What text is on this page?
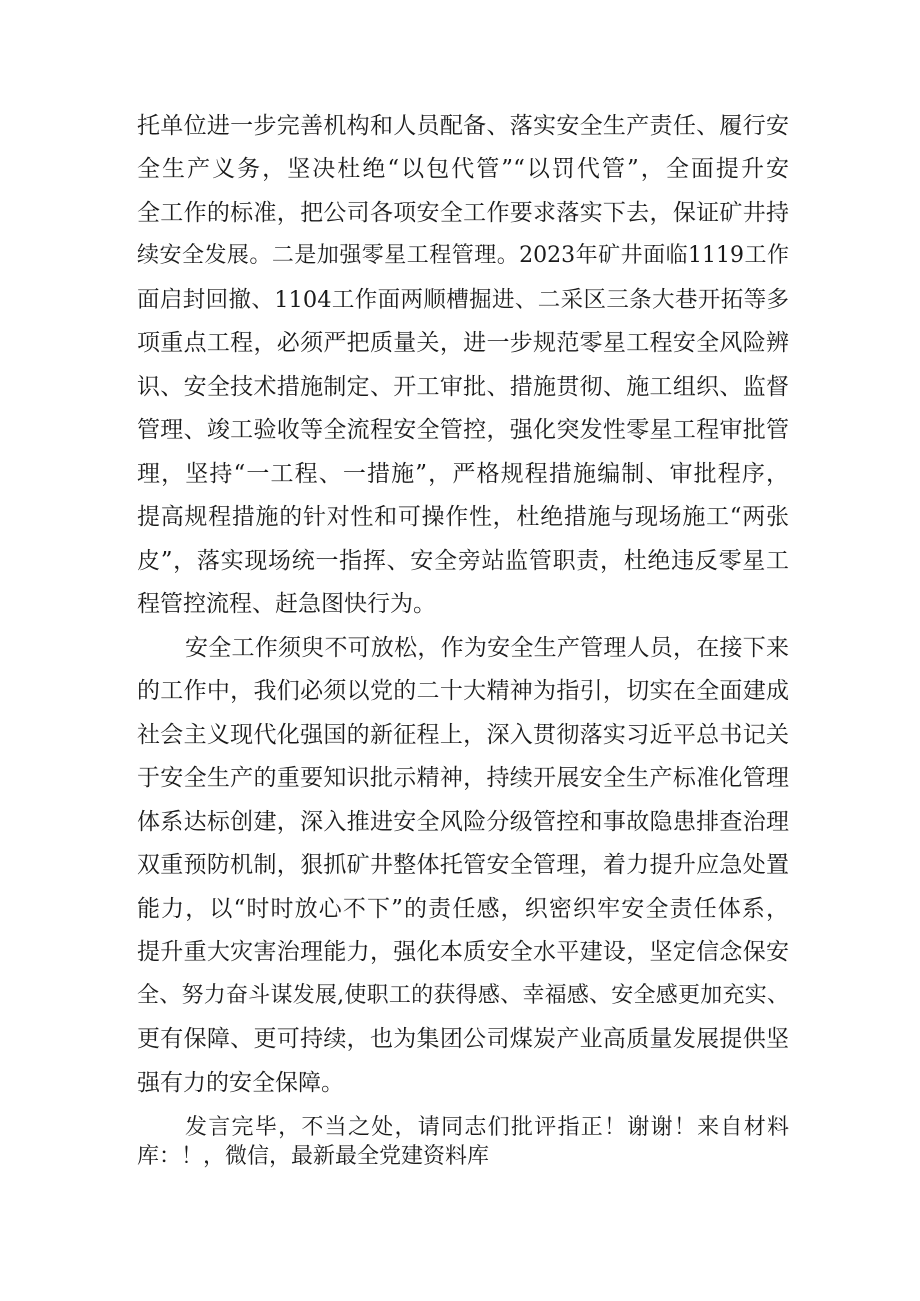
托单位进一步完善机构和人员配备、落实安全生产责任、履行安

全生产义务，坚决杜绝“以包代管”“以罚代管”，全面提升安

全工作的标准，把公司各项安全工作要求落实下去，保证矿井持

续安全发展。二是加强零星工程管理。2023年矿井面临1119工作

面启封回撤、1104工作面两顺槽掘进、二采区三条大巷开拓等多

项重点工程，必须严把质量关，进一步规范零星工程安全风险辨

识、安全技术措施制定、开工审批、措施贯彻、施工组织、监督

管理、竣工验收等全流程安全管控，强化突发性零星工程审批管

理，坚持“一工程、一措施”，严格规程措施编制、审批程序，

提高规程措施的针对性和可操作性，杜绝措施与现场施工“两张

皮”，落实现场统一指挥、安全旁站监管职责，杜绝违反零星工

程管控流程、赶急图快行为。

安全工作须臾不可放松，作为安全生产管理人员，在接下来

的工作中，我们必须以党的二十大精神为指引，切实在全面建成

社会主义现代化强国的新征程上，深入贯彻落实习近平总书记关

于安全生产的重要知识批示精神，持续开展安全生产标准化管理

体系达标创建，深入推进安全风险分级管控和事故隐患排查治理

双重预防机制，狠抓矿井整体托管安全管理，着力提升应急处置

能力，以“时时放心不下”的责任感，织密织牢安全责任体系，

提升重大灾害治理能力，强化本质安全水平建设，坚定信念保安

全、努力奋斗谋发展,使职工的获得感、幸福感、安全感更加充实、

更有保障、更可持续，也为集团公司煤炭产业高质量发展提供坚

强有力的安全保障。

发言完毕，不当之处，请同志们批评指正！谢谢！来自材料

库：！，微信，最新最全党建资料库
